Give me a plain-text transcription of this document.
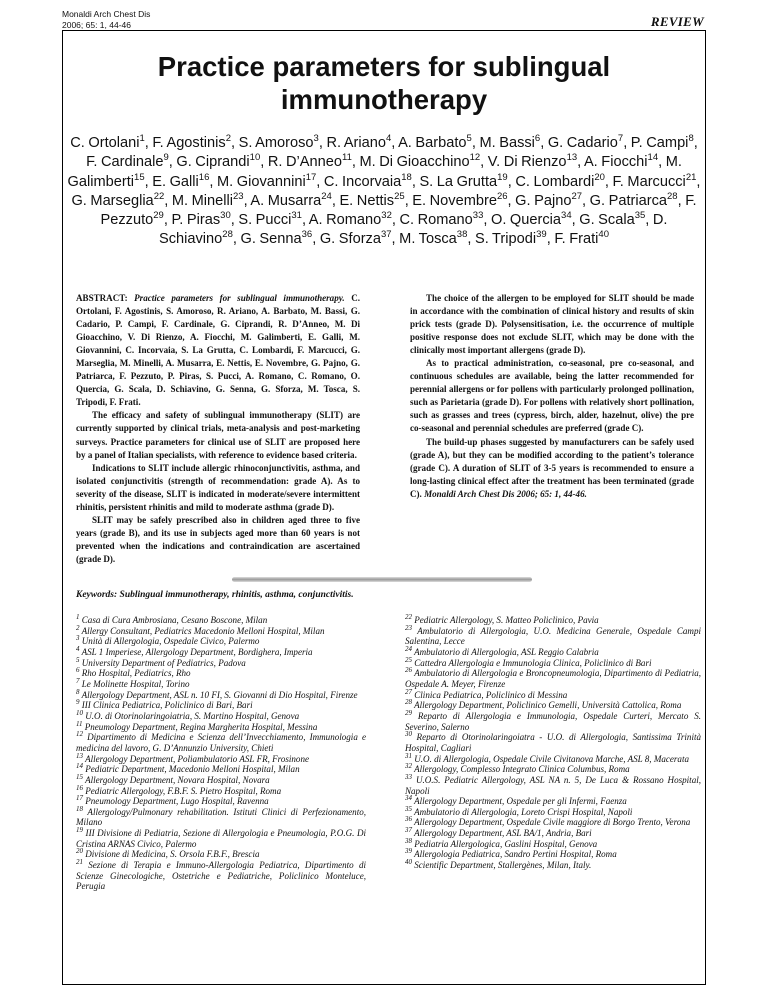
Monaldi Arch Chest Dis
2006; 65: 1, 44-46	REVIEW
Practice parameters for sublingual
immunotherapy
C. Ortolani$^1$, F. Agostinis$^2$, S. Amoroso$^3$, R. Ariano$^4$, A. Barbato$^5$, M. Bassi$^6$, G. Cadario$^7$, P. Campi$^8$, F. Cardinale$^9$, G. Ciprandi$^{10}$, R. D’Anneo$^{11}$, M. Di Gioacchino$^{12}$, V. Di Rienzo$^{13}$, A. Fiocchi$^{14}$, M. Galimberti$^{15}$, E. Galli$^{16}$, M. Giovannini$^{17}$, C. Incorvaia$^{18}$, S. La Grutta$^{19}$, C. Lombardi$^{20}$, F. Marcucci$^{21}$, G. Marseglia$^{22}$, M. Minelli$^{23}$, A. Musarra$^{24}$, E. Nettis$^{25}$, E. Novembre$^{26}$, G. Pajno$^{27}$, G. Patriarca$^{28}$, F. Pezzuto$^{29}$, P. Piras$^{30}$, S. Pucci$^{31}$, A. Romano$^{32}$, C. Romano$^{33}$, O. Quercia$^{34}$, G. Scala$^{35}$, D. Schiavino$^{28}$, G. Senna$^{36}$, G. Sforza$^{37}$, M. Tosca$^{38}$, S. Tripodi$^{39}$, F. Frati$^{40}$

ABSTRACT: Practice parameters for sublingual immunotherapy. C. Ortolani, F. Agostinis, S. Amoroso, R. Ariano, A. Barbato, M. Bassi, G. Cadario, P. Campi, F. Cardinale, G. Ciprandi, R. D’Anneo, M. Di Gioacchino, V. Di Rienzo, A. Fiocchi, M. Galimberti, E. Galli, M. Giovannini, C. Incorvaia, S. La Grutta, C. Lombardi, F. Marcucci, G. Marseglia, M. Minelli, A. Musarra, E. Nettis, E. Novembre, G. Pajno, G. Patriarca, F. Pezzuto, P. Piras, S. Pucci, A. Romano, C. Romano, O. Quercia, G. Scala, D. Schiavino, G. Senna, G. Sforza, M. Tosca, S. Tripodi, F. Frati.

The efficacy and safety of sublingual immunotherapy (SLIT) are currently supported by clinical trials, meta-analysis and post-marketing surveys. Practice parameters for clinical use of SLIT are proposed here by a panel of Italian specialists, with reference to evidence based criteria.

Indications to SLIT include allergic rhinoconjunctivitis, asthma, and isolated conjunctivitis (strength of recommendation: grade A). As to severity of the disease, SLIT is indicated in moderate/severe intermittent rhinitis, persistent rhinitis and mild to moderate asthma (grade D).

SLIT may be safely prescribed also in children aged three to five years (grade B), and its use in subjects aged more than 60 years is not prevented when the indications and contraindication are ascertained (grade D).

The choice of the allergen to be employed for SLIT should be made in accordance with the combination of clinical history and results of skin prick tests (grade D). Polysensitisation, i.e. the occurrence of multiple positive response does not exclude SLIT, which may be done with the clinically most important allergens (grade D).

As to practical administration, co-seasonal, pre co-seasonal, and continuous schedules are available, being the latter recommended for perennial allergens or for pollens with particularly prolonged pollination, such as Parietaria (grade D). For pollens with relatively short pollination, such as grasses and trees (cypress, birch, alder, hazelnut, olive) the pre co-seasonal and perennial schedules are preferred (grade C).

The build-up phases suggested by manufacturers can be safely used (grade A), but they can be modified according to the patient’s tolerance (grade C). A duration of SLIT of 3-5 years is recommended to ensure a long-lasting clinical effect after the treatment has been terminated (grade C). Monaldi Arch Chest Dis 2006; 65: 1, 44-46.

Keywords: Sublingual immunotherapy, rhinitis, asthma, conjunctivitis.
$^1$ Casa di Cura Ambrosiana, Cesano Boscone, Milan
$^2$ Allergy Consultant, Pediatrics Macedonio Melloni Hospital, Milan
$^3$ Unità di Allergologia, Ospedale Civico, Palermo
$^4$ ASL 1 Imperiese, Allergology Department, Bordighera, Imperia
$^5$ University Department of Pediatrics, Padova
$^6$ Rho Hospital, Pediatrics, Rho
$^7$ Le Molinette Hospital, Torino
$^8$ Allergology Department, ASL n. 10 FI, S. Giovanni di Dio Hospital, Firenze
$^9$ III Clinica Pediatrica, Policlinico di Bari, Bari
$^{10}$ U.O. di Otorinolaringoiatria, S. Martino Hospital, Genova
$^{11}$ Pneumology Department, Regina Margherita Hospital, Messina
$^{12}$ Dipartimento di Medicina e Scienza dell’Invecchiamento, Immunologia e medicina del lavoro, G. D’Annunzio University, Chieti
$^{13}$ Allergology Department, Poliambulatorio ASL FR, Frosinone
$^{14}$ Pediatric Department, Macedonio Melloni Hospital, Milan
$^{15}$ Allergology Department, Novara Hospital, Novara
$^{16}$ Pediatric Allergology, F.B.F. S. Pietro Hospital, Roma
$^{17}$ Pneumology Department, Lugo Hospital, Ravenna
$^{18}$ Allergology/Pulmonary rehabilitation. Istituti Clinici di Perfezionamento, Milano
$^{19}$ III Divisione di Pediatria, Sezione di Allergologia e Pneumologia, P.O.G. Di Cristina ARNAS Civico, Palermo
$^{20}$ Divisione di Medicina, S. Orsola F.B.F., Brescia
$^{21}$ Sezione di Terapia e Immuno-Allergologia Pediatrica, Dipartimento di Scienze Ginecologiche, Ostetriche e Pediatriche, Policlinico Monteluce, Perugia
$^{22}$ Pediatric Allergology, S. Matteo Policlinico, Pavia
$^{23}$ Ambulatorio di Allergologia, U.O. Medicina Generale, Ospedale Campi Salentina, Lecce
$^{24}$ Ambulatorio di Allergologia, ASL Reggio Calabria
$^{25}$ Cattedra Allergologia e Immunologia Clinica, Policlinico di Bari
$^{26}$ Ambulatorio di Allergologia e Broncopneumologia, Dipartimento di Pediatria, Ospedale A. Meyer, Firenze
$^{27}$ Clinica Pediatrica, Policlinico di Messina
$^{28}$ Allergology Department, Policlinico Gemelli, Università Cattolica, Roma
$^{29}$ Reparto di Allergologia e Immunologia, Ospedale Curteri, Mercato S. Severino, Salerno
$^{30}$ Reparto di Otorinolaringoiatra - U.O. di Allergologia, Santissima Trinità Hospital, Cagliari
$^{31}$ U.O. di Allergologia, Ospedale Civile Civitanova Marche, ASL 8, Macerata
$^{32}$ Allergology, Complesso Integrato Clinica Columbus, Roma
$^{33}$ U.O.S. Pediatric Allergology, ASL NA n. 5, De Luca & Rossano Hospital, Napoli
$^{34}$ Allergology Department, Ospedale per gli Infermi, Faenza
$^{35}$ Ambulatorio di Allergologia, Loreto Crispi Hospital, Napoli
$^{36}$ Allergology Department, Ospedale Civile maggiore di Borgo Trento, Verona
$^{37}$ Allergology Department, ASL BA/1, Andria, Bari
$^{38}$ Pediatria Allergologica, Gaslini Hospital, Genova
$^{39}$ Allergologia Pediatrica, Sandro Pertini Hospital, Roma
$^{40}$ Scientific Department, Stallergènes, Milan, Italy.
